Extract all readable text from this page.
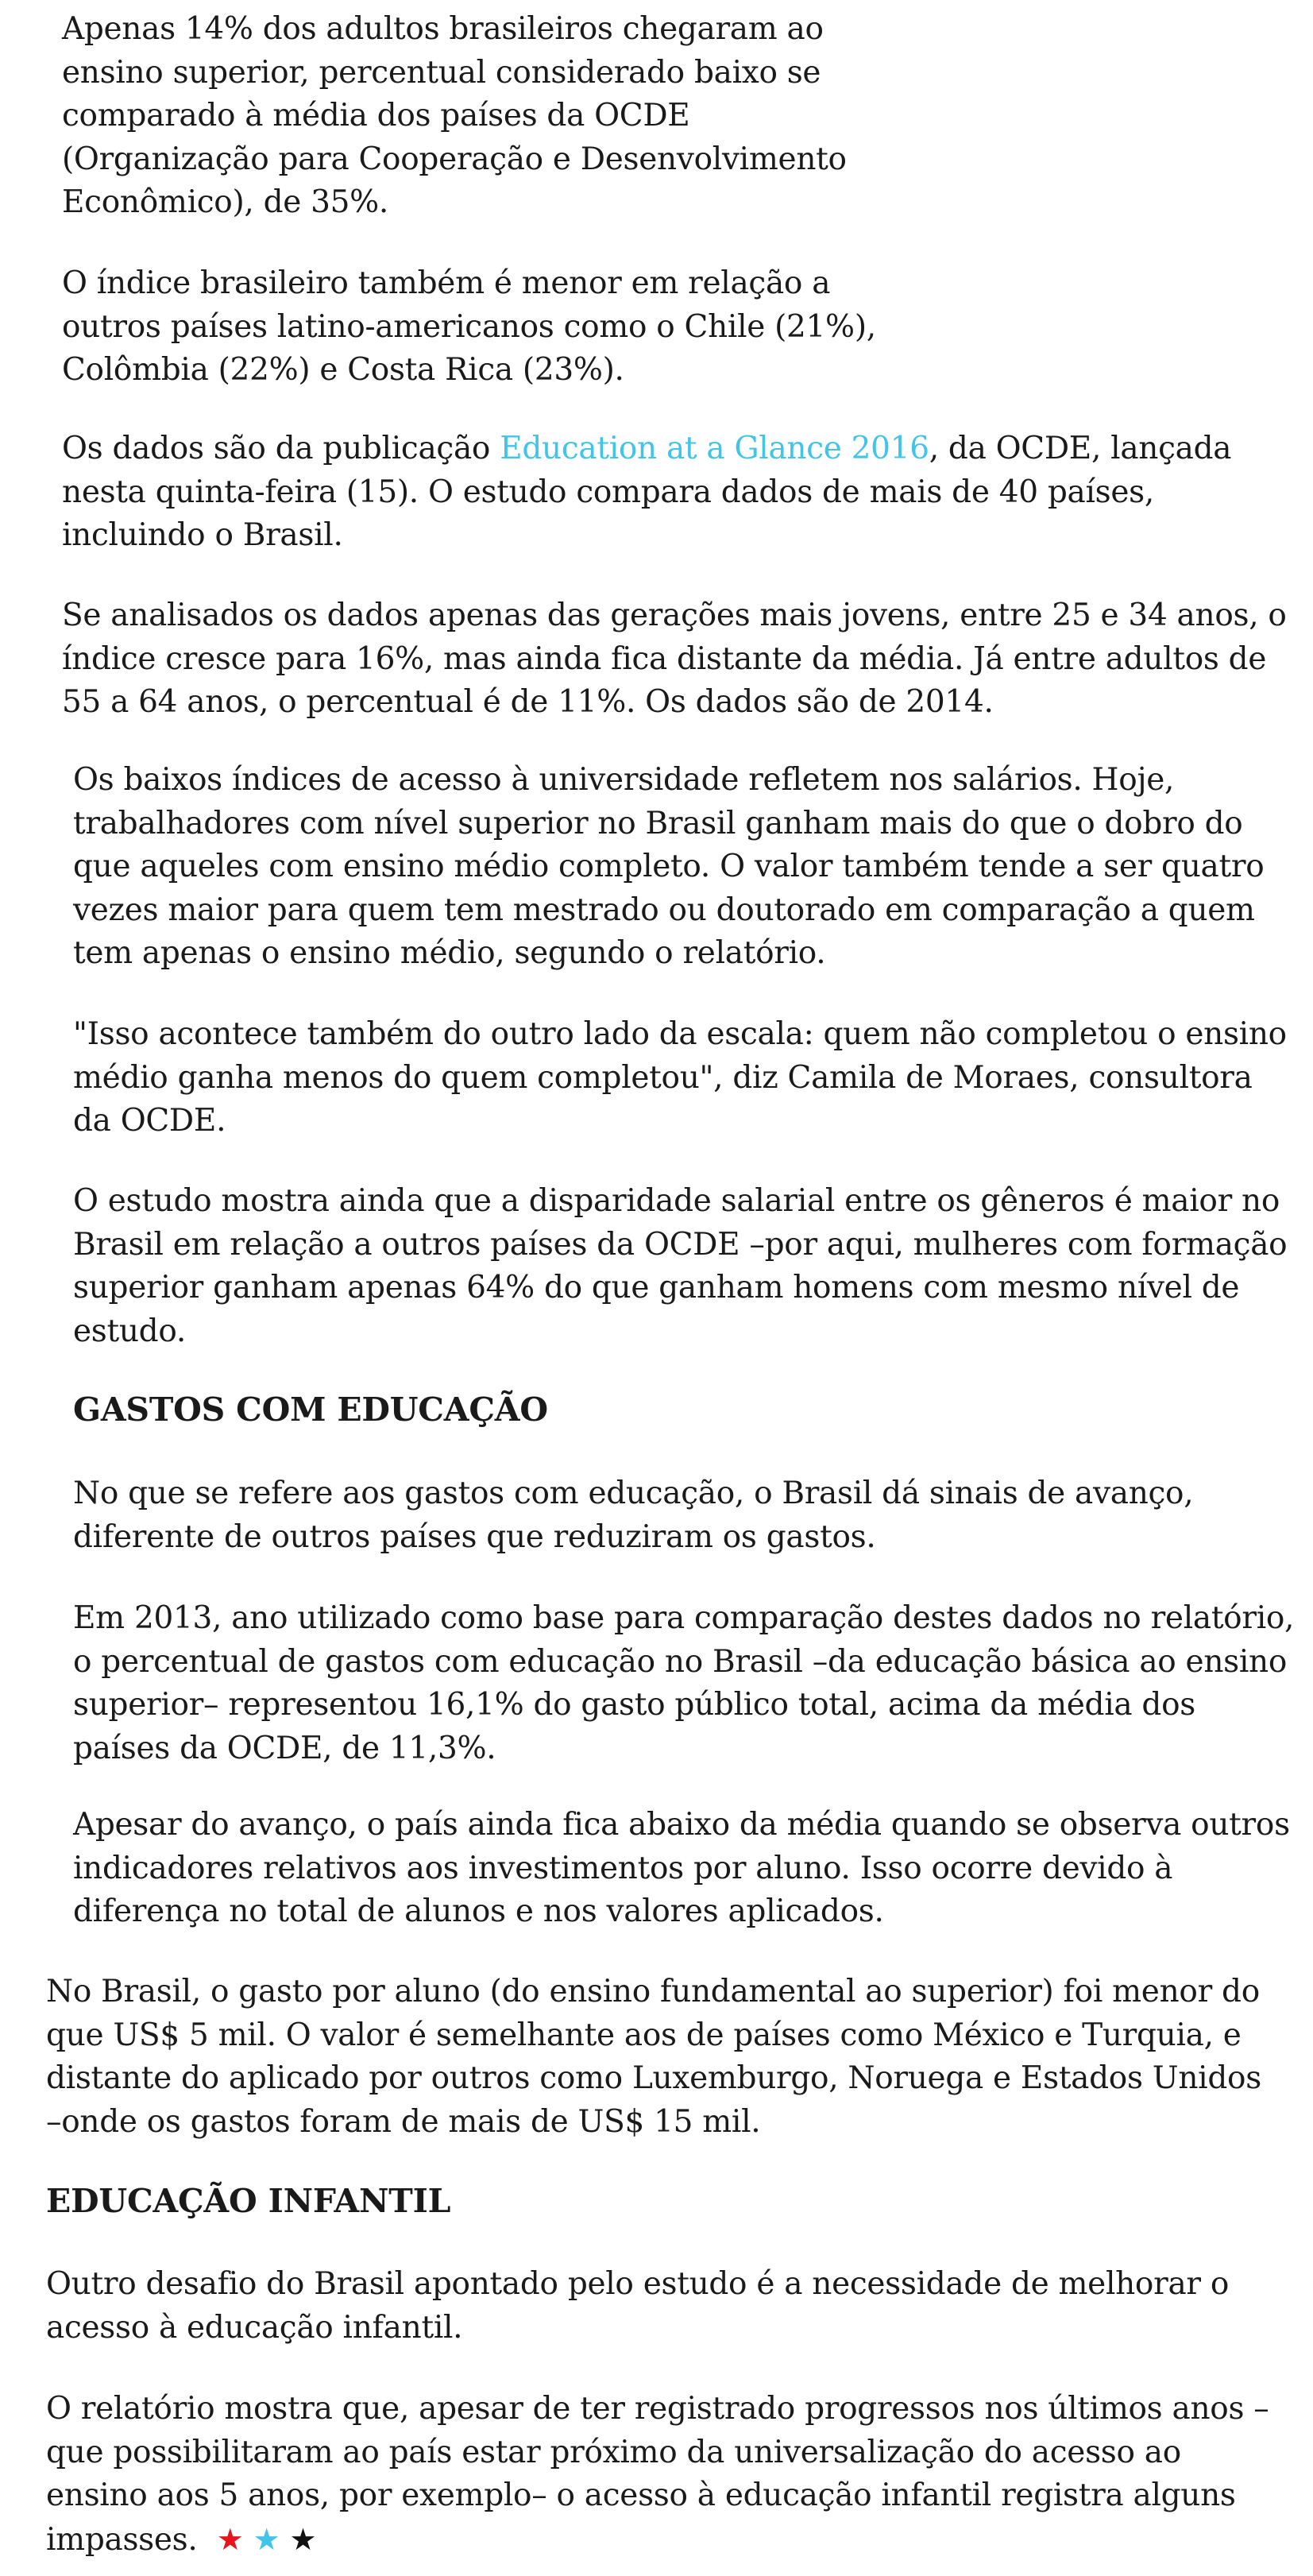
Apenas 14% dos adultos brasileiros chegaram ao ensino superior, percentual considerado baixo se comparado à média dos países da OCDE (Organização para Cooperação e Desenvolvimento Econômico), de 35%.

O índice brasileiro também é menor em relação a outros países latino-americanos como o Chile (21%), Colômbia (22%) e Costa Rica (23%).

Os dados são da publicação Education at a Glance 2016, da OCDE, lançada nesta quinta-feira (15). O estudo compara dados de mais de 40 países, incluindo o Brasil.

Se analisados os dados apenas das gerações mais jovens, entre 25 e 34 anos, o índice cresce para 16%, mas ainda fica distante da média. Já entre adultos de 55 a 64 anos, o percentual é de 11%. Os dados são de 2014.

Os baixos índices de acesso à universidade refletem nos salários. Hoje, trabalhadores com nível superior no Brasil ganham mais do que o dobro do que aqueles com ensino médio completo. O valor também tende a ser quatro vezes maior para quem tem mestrado ou doutorado em comparação a quem tem apenas o ensino médio, segundo o relatório.

"Isso acontece também do outro lado da escala: quem não completou o ensino médio ganha menos do quem completou", diz Camila de Moraes, consultora da OCDE.

O estudo mostra ainda que a disparidade salarial entre os gêneros é maior no Brasil em relação a outros países da OCDE –por aqui, mulheres com formação superior ganham apenas 64% do que ganham homens com mesmo nível de estudo.

GASTOS COM EDUCAÇÃO

No que se refere aos gastos com educação, o Brasil dá sinais de avanço, diferente de outros países que reduziram os gastos.

Em 2013, ano utilizado como base para comparação destes dados no relatório, o percentual de gastos com educação no Brasil –da educação básica ao ensino superior– representou 16,1% do gasto público total, acima da média dos países da OCDE, de 11,3%.

Apesar do avanço, o país ainda fica abaixo da média quando se observa outros indicadores relativos aos investimentos por aluno. Isso ocorre devido à diferença no total de alunos e nos valores aplicados.

No Brasil, o gasto por aluno (do ensino fundamental ao superior) foi menor do que US$ 5 mil. O valor é semelhante aos de países como México e Turquia, e distante do aplicado por outros como Luxemburgo, Noruega e Estados Unidos –onde os gastos foram de mais de US$ 15 mil.

EDUCAÇÃO INFANTIL

Outro desafio do Brasil apontado pelo estudo é a necessidade de melhorar o acesso à educação infantil.

O relatório mostra que, apesar de ter registrado progressos nos últimos anos –que possibilitaram ao país estar próximo da universalização do acesso ao ensino aos 5 anos, por exemplo– o acesso à educação infantil registra alguns impasses. ★ ★ ★
